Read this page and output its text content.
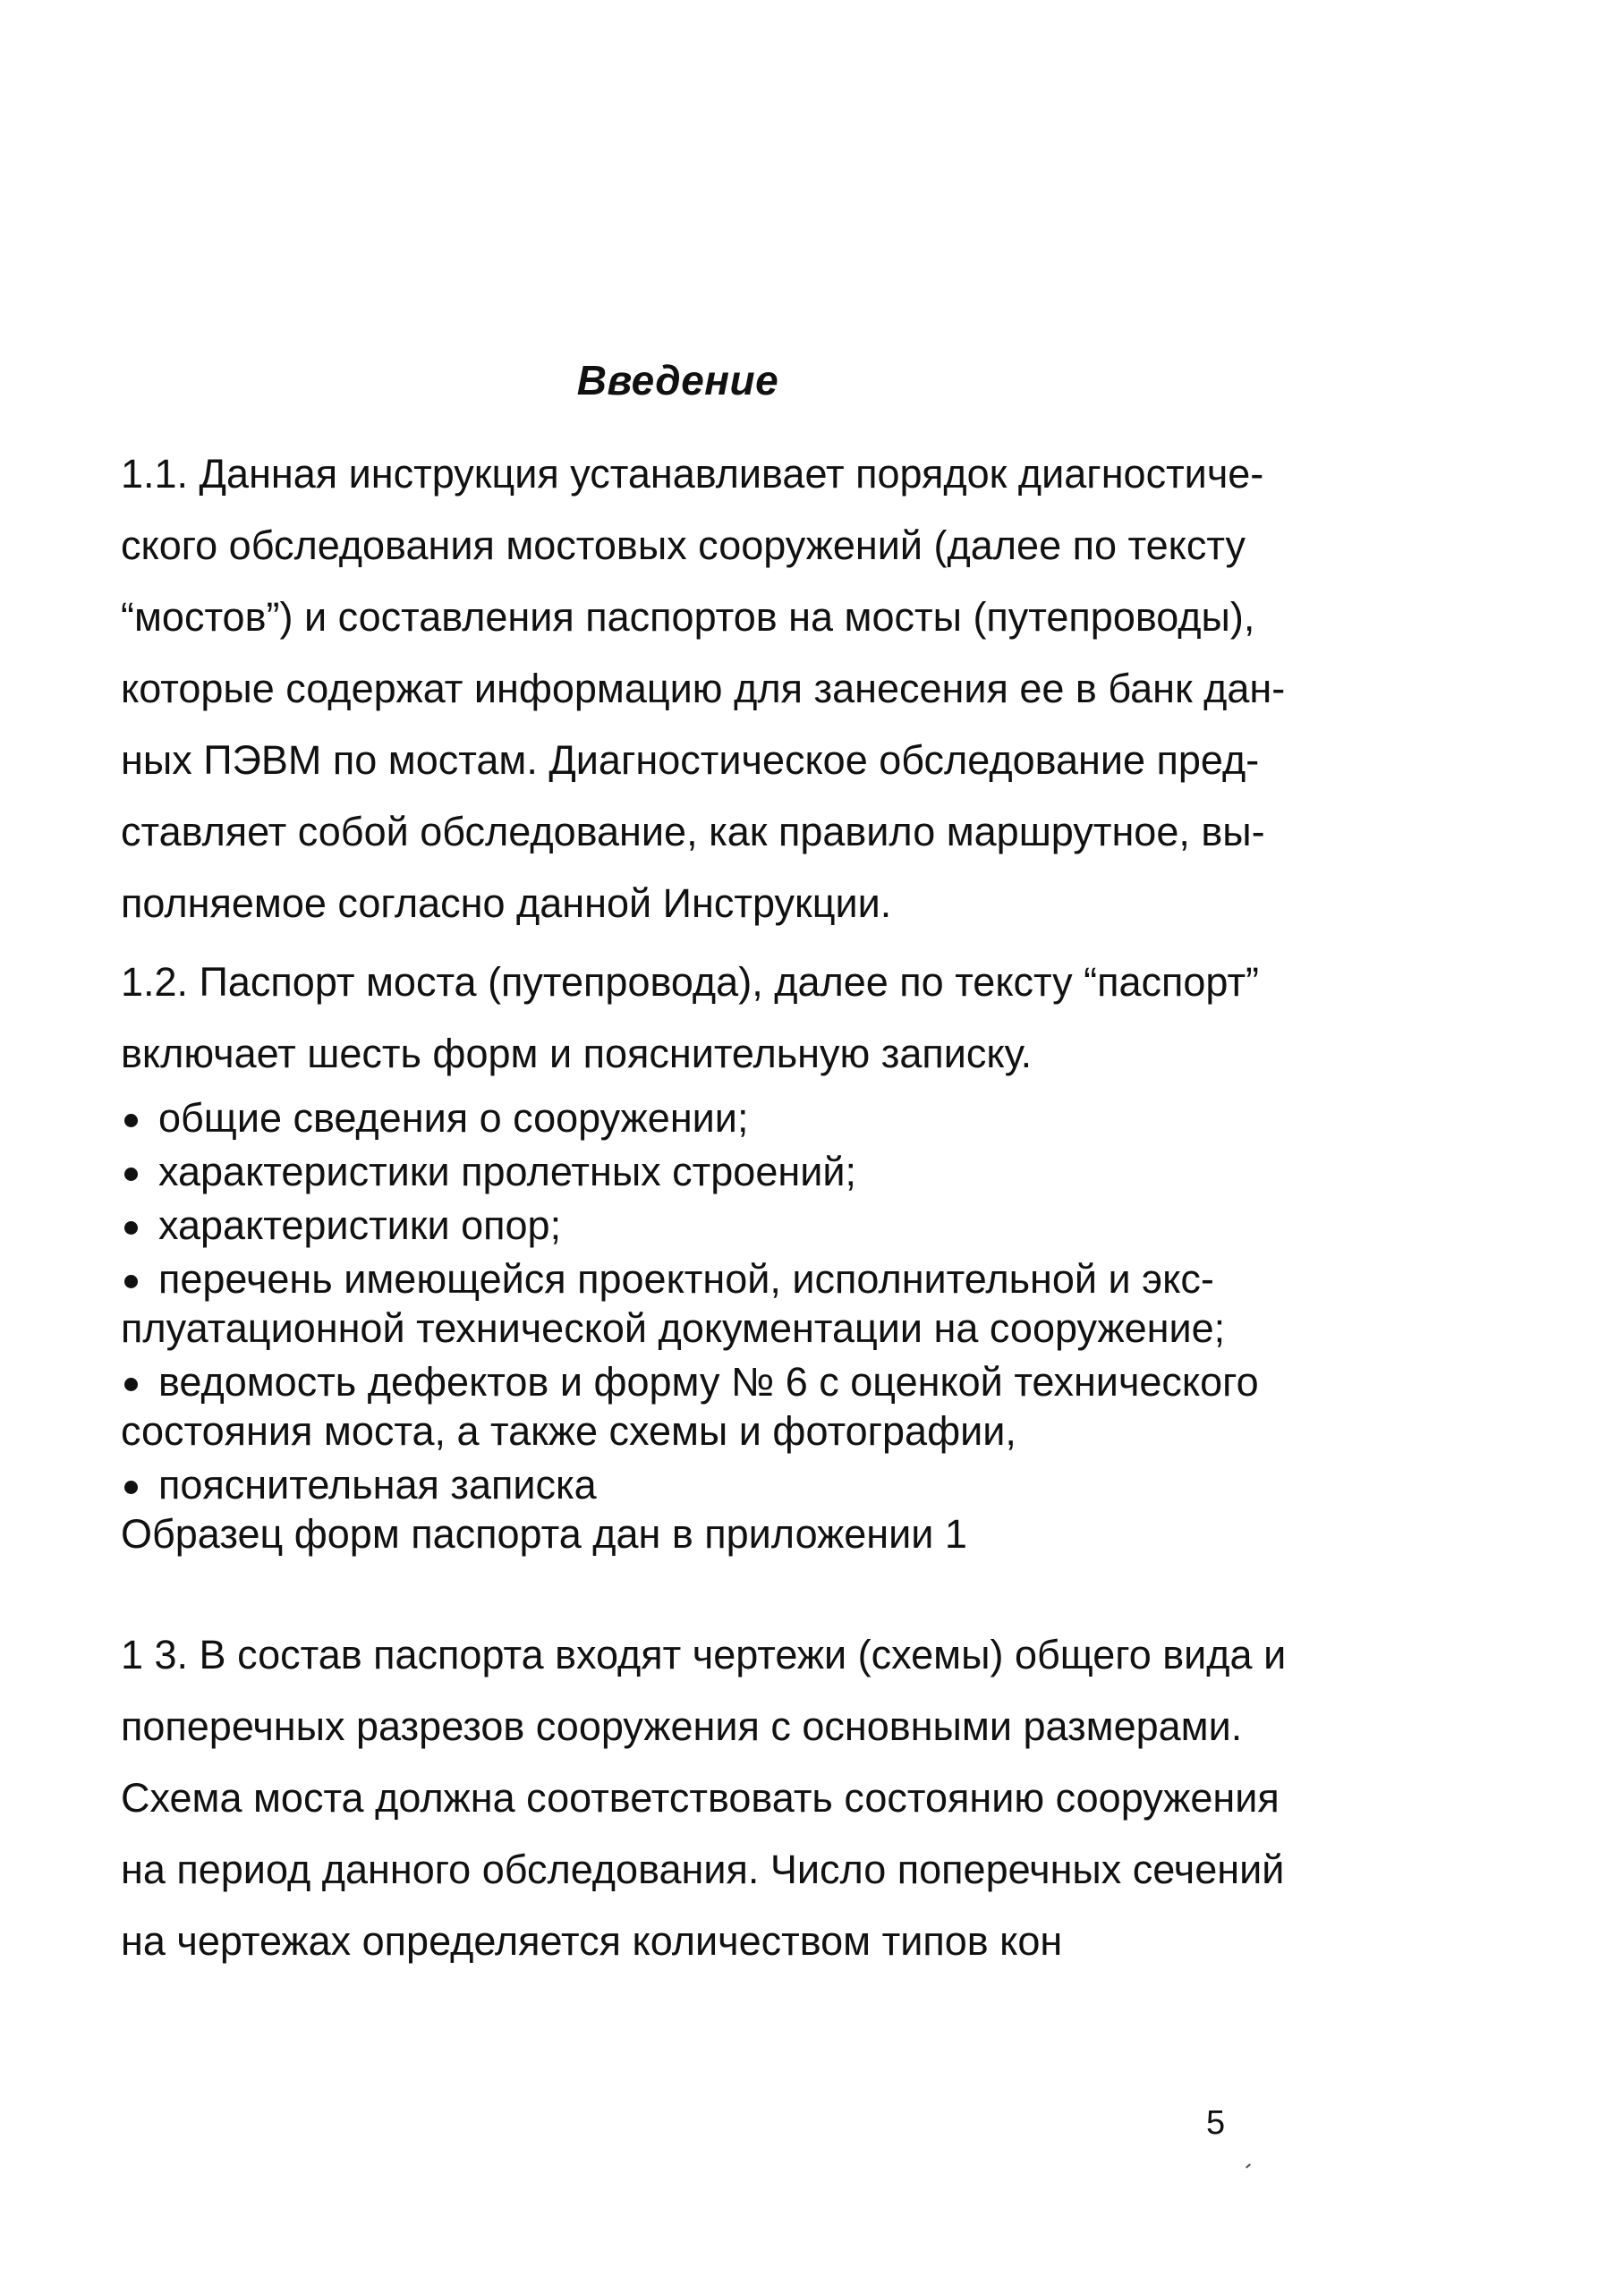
Введение

1.1. Данная инструкция устанавливает порядок диагностиче-
ского обследования мостовых сооружений (далее по тексту
“мостов”) и составления паспортов на мосты (путепроводы),
которые содержат информацию для занесения ее в банк дан-
ных ПЭВМ по мостам. Диагностическое обследование пред-
ставляет собой обследование, как правило маршрутное, вы-
полняемое согласно данной Инструкции.

1.2. Паспорт моста (путепровода), далее по тексту “паспорт”
включает шесть форм и пояснительную записку.

общие сведения о сооружении;
характеристики пролетных строений;
характеристики опор;
перечень имеющейся проектной, исполнительной и экс-
плуатационной технической документации на сооружение;
ведомость дефектов и форму № 6 с оценкой технического
состояния моста, а также схемы и фотографии,
пояснительная записка
Образец форм паспорта дан в приложении 1

1 3. В состав паспорта входят чертежи (схемы) общего вида и
поперечных разрезов сооружения с основными размерами.
Схема моста должна соответствовать состоянию сооружения
на период данного обследования. Число поперечных сечений
на чертежах определяется количеством типов кон

5
